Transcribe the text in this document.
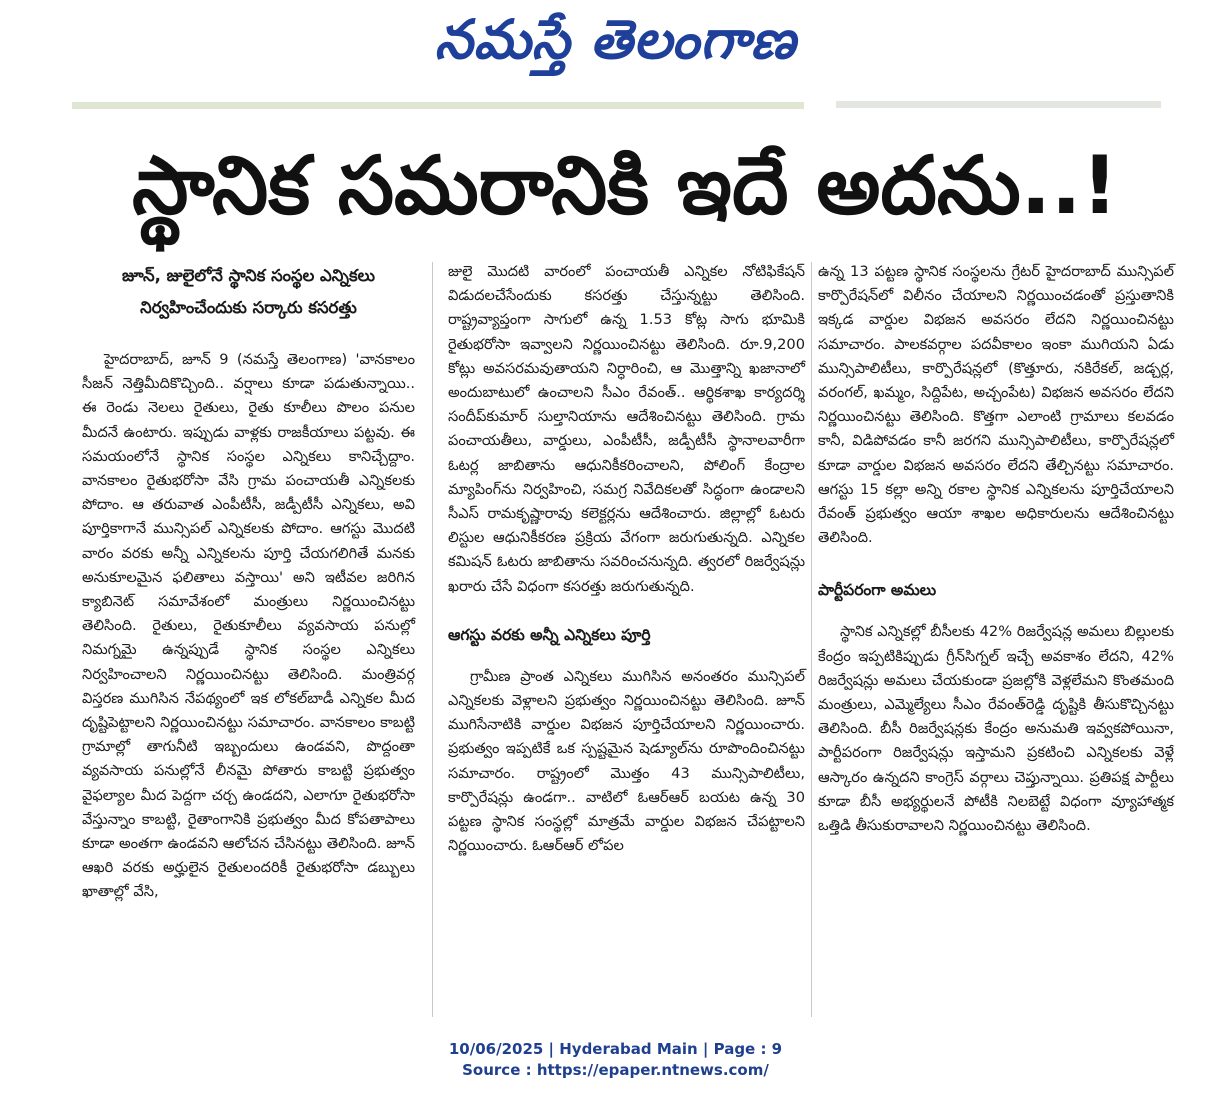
నమస్తే తెలంగాణ
స్థానిక సమరానికి ఇదే అదను..!

జూన్, జులైలోనే స్థానిక సంస్థల ఎన్నికలు నిర్వహించేందుకు సర్కారు కసరత్తు

హైదరాబాద్, జూన్ 9 (నమస్తే తెలంగాణ) 'వానకాలం సీజన్ నెత్తిమీదికొచ్చింది.. వర్షాలు కూడా పడుతున్నాయి.. ఈ రెండు నెలలు రైతులు, రైతు కూలీలు పొలం పనుల మీదనే ఉంటారు. ఇప్పుడు వాళ్లకు రాజకీయాలు పట్టవు. ఈ సమయంలోనే స్థానిక సంస్థల ఎన్నికలు కానిచ్చేద్దాం. వానకాలం రైతుభరోసా వేసి గ్రామ పంచాయతీ ఎన్నికలకు పోదాం. ఆ తరువాత ఎంపీటీసీ, జడ్పీటీసీ ఎన్నికలు, అవి పూర్తికాగానే మున్సిపల్ ఎన్నికలకు పోదాం. ఆగస్టు మొదటి వారం వరకు అన్నీ ఎన్నికలను పూర్తి చేయగలిగితే మనకు అనుకూలమైన ఫలితాలు వస్తాయి' అని ఇటీవల జరిగిన క్యాబినెట్ సమావేశంలో మంత్రులు నిర్ణయించినట్టు తెలిసింది. రైతులు, రైతుకూలీలు వ్యవసాయ పనుల్లో నిమగ్నమై ఉన్నప్పుడే స్థానిక సంస్థల ఎన్నికలు నిర్వహించాలని నిర్ణయించినట్టు తెలిసింది. మంత్రివర్గ విస్తరణ ముగిసిన నేపథ్యంలో ఇక లోకల్‌బాడీ ఎన్నికల మీద దృష్టిపెట్టాలని నిర్ణయించినట్టు సమాచారం. వానకాలం కాబట్టి గ్రామాల్లో తాగునీటి ఇబ్బందులు ఉండవని, పొద్దంతా వ్యవసాయ పనుల్లోనే లీనమై పోతారు కాబట్టి ప్రభుత్వం వైఫల్యాల మీద పెద్దగా చర్చ ఉండదని, ఎలాగూ రైతుభరోసా వేస్తున్నాం కాబట్టి, రైతాంగానికి ప్రభుత్వం మీద కోపతాపాలు కూడా అంతగా ఉండవని ఆలోచన చేసినట్టు తెలిసింది. జూన్ ఆఖరి వరకు అర్హులైన రైతులందరికీ రైతుభరోసా డబ్బులు ఖాతాల్లో వేసి,

జులై మొదటి వారంలో పంచాయతీ ఎన్నికల నోటిఫికేషన్ విడుదలచేసేందుకు కసరత్తు చేస్తున్నట్టు తెలిసింది. రాష్ట్రవ్యాప్తంగా సాగులో ఉన్న 1.53 కోట్ల సాగు భూమికి రైతుభరోసా ఇవ్వాలని నిర్ణయించినట్టు తెలిసింది. రూ.9,200 కోట్లు అవసరమవుతాయని నిర్ధారించి, ఆ మొత్తాన్ని ఖజానాలో అందుబాటులో ఉంచాలని సీఎం రేవంత్.. ఆర్థికశాఖ కార్యదర్శి సందీప్‌కుమార్ సుల్తానియాను ఆదేశించినట్టు తెలిసింది. గ్రామ పంచాయతీలు, వార్డులు, ఎంపీటీసీ, జడ్పీటీసీ స్థానాలవారీగా ఓటర్ల జాబితాను ఆధునికీకరించాలని, పోలింగ్ కేంద్రాల మ్యాపింగ్‌ను నిర్వహించి, సమగ్ర నివేదికలతో సిద్ధంగా ఉండాలని సీఎస్ రామకృష్ణారావు కలెక్టర్లను ఆదేశించారు. జిల్లాల్లో ఓటరు లిస్టుల ఆధునికీకరణ ప్రక్రియ వేగంగా జరుగుతున్నది. ఎన్నికల కమిషన్ ఓటరు జాబితాను సవరించనున్నది. త్వరలో రిజర్వేషన్లు ఖరారు చేసే విధంగా కసరత్తు జరుగుతున్నది.

ఆగస్టు వరకు అన్నీ ఎన్నికలు పూర్తి

గ్రామీణ ప్రాంత ఎన్నికలు ముగిసిన అనంతరం మున్సిపల్ ఎన్నికలకు వెళ్లాలని ప్రభుత్వం నిర్ణయించినట్టు తెలిసింది. జూన్ ముగిసేనాటికి వార్డుల విభజన పూర్తిచేయాలని నిర్ణయించారు. ప్రభుత్వం ఇప్పటికే ఒక స్పష్టమైన షెడ్యూల్‌ను రూపొందించినట్టు సమాచారం. రాష్ట్రంలో మొత్తం 43 మున్సిపాలిటీలు, కార్పొరేషన్లు ఉండగా.. వాటిలో ఓఆర్ఆర్ బయట ఉన్న 30 పట్టణ స్థానిక సంస్థల్లో మాత్రమే వార్డుల విభజన చేపట్టాలని నిర్ణయించారు. ఓఆర్ఆర్ లోపల

ఉన్న 13 పట్టణ స్థానిక సంస్థలను గ్రేటర్ హైదరాబాద్ మున్సిపల్ కార్పొరేషన్‌లో విలీనం చేయాలని నిర్ణయించడంతో ప్రస్తుతానికి ఇక్కడ వార్డుల విభజన అవసరం లేదని నిర్ణయించినట్టు సమాచారం. పాలకవర్గాల పదవీకాలం ఇంకా ముగియని ఏడు మున్సిపాలిటీలు, కార్పొరేషన్లలో (కొత్తూరు, నకిరేకల్, జడ్చర్ల, వరంగల్, ఖమ్మం, సిద్దిపేట, అచ్చంపేట) విభజన అవసరం లేదని నిర్ణయించినట్టు తెలిసింది. కొత్తగా ఎలాంటి గ్రామాలు కలవడం కానీ, విడిపోవడం కానీ జరగని మున్సిపాలిటీలు, కార్పొరేషన్లలో కూడా వార్డుల విభజన అవసరం లేదని తేల్చినట్టు సమాచారం. ఆగస్టు 15 కల్లా అన్ని రకాల స్థానిక ఎన్నికలను పూర్తిచేయాలని రేవంత్ ప్రభుత్వం ఆయా శాఖల అధికారులను ఆదేశించినట్టు తెలిసింది.

పార్టీపరంగా అమలు

స్థానిక ఎన్నికల్లో బీసీలకు 42% రిజర్వేషన్ల అమలు బిల్లులకు కేంద్రం ఇప్పటికిప్పుడు గ్రీన్‌సిగ్నల్ ఇచ్చే అవకాశం లేదని, 42% రిజర్వేషన్లు అమలు చేయకుండా ప్రజల్లోకి వెళ్లలేమని కొంతమంది మంత్రులు, ఎమ్మెల్యేలు సీఎం రేవంత్‌రెడ్డి దృష్టికి తీసుకొచ్చినట్టు తెలిసింది. బీసీ రిజర్వేషన్లకు కేంద్రం అనుమతి ఇవ్వకపోయినా, పార్టీపరంగా రిజర్వేషన్లు ఇస్తామని ప్రకటించి ఎన్నికలకు వెళ్లే ఆస్కారం ఉన్నదని కాంగ్రెస్ వర్గాలు చెప్తున్నాయి. ప్రతిపక్ష పార్టీలు కూడా బీసీ అభ్యర్థులనే పోటీకి నిలబెట్టే విధంగా వ్యూహాత్మక ఒత్తిడి తీసుకురావాలని నిర్ణయించినట్టు తెలిసింది.

10/06/2025 | Hyderabad Main | Page : 9
Source : https://epaper.ntnews.com/
